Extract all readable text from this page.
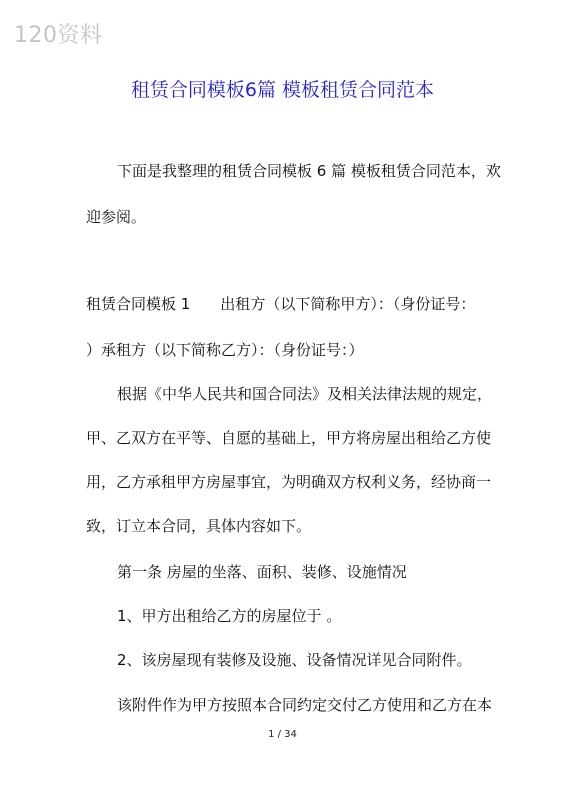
120资料
租赁合同模板6篇 模板租赁合同范本
下面是我整理的租赁合同模板 6 篇 模板租赁合同范本，欢
迎参阅。
租赁合同模板 1　　出租方（以下简称甲方）：（身份证号：
）承租方（以下简称乙方）：（身份证号：）
根据《中华人民共和国合同法》及相关法律法规的规定，
甲、乙双方在平等、自愿的基础上，甲方将房屋出租给乙方使
用，乙方承租甲方房屋事宜，为明确双方权利义务，经协商一
致，订立本合同，具体内容如下。
第一条 房屋的坐落、面积、装修、设施情况
1、甲方出租给乙方的房屋位于 。
2、该房屋现有装修及设施、设备情况详见合同附件。
该附件作为甲方按照本合同约定交付乙方使用和乙方在本
1 / 34
